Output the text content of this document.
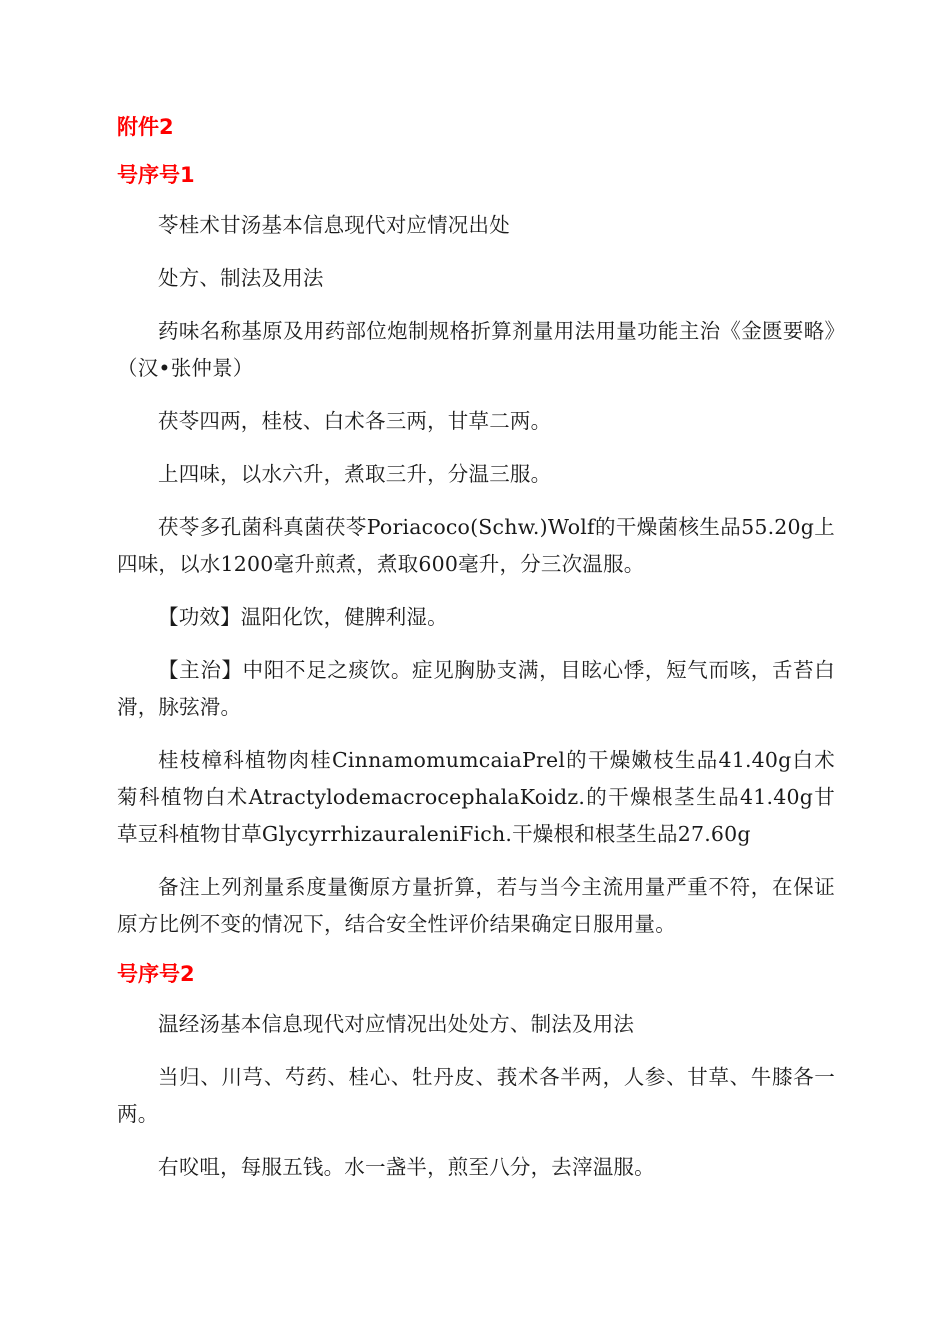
附件2
号序号1

苓桂术甘汤基本信息现代对应情况出处

处方、制法及用法

药味名称基原及用药部位炮制规格折算剂量用法用量功能主治《金匮要略》（汉•张仲景）

茯苓四两，桂枝、白术各三两，甘草二两。

上四味，以水六升，煮取三升，分温三服。

茯苓多孔菌科真菌茯苓Poriacoco(Schw.)Wolf的干燥菌核生品55.20g上四味，以水1200毫升煎煮，煮取600毫升，分三次温服。

【功效】温阳化饮，健脾利湿。

【主治】中阳不足之痰饮。症见胸胁支满，目眩心悸，短气而咳，舌苔白滑，脉弦滑。

桂枝樟科植物肉桂CinnamomumcaiaPrel的干燥嫩枝生品41.40g白术菊科植物白术AtractylodemacrocephalaKoidz.的干燥根茎生品41.40g甘草豆科植物甘草GlycyrrhizauraleniFich.干燥根和根茎生品27.60g

备注上列剂量系度量衡原方量折算，若与当今主流用量严重不符，在保证原方比例不变的情况下，结合安全性评价结果确定日服用量。

号序号2

温经汤基本信息现代对应情况出处处方、制法及用法

当归、川芎、芍药、桂心、牡丹皮、莪术各半两，人参、甘草、牛膝各一两。

右㕮咀，每服五钱。水一盏半，煎至八分，去滓温服。
